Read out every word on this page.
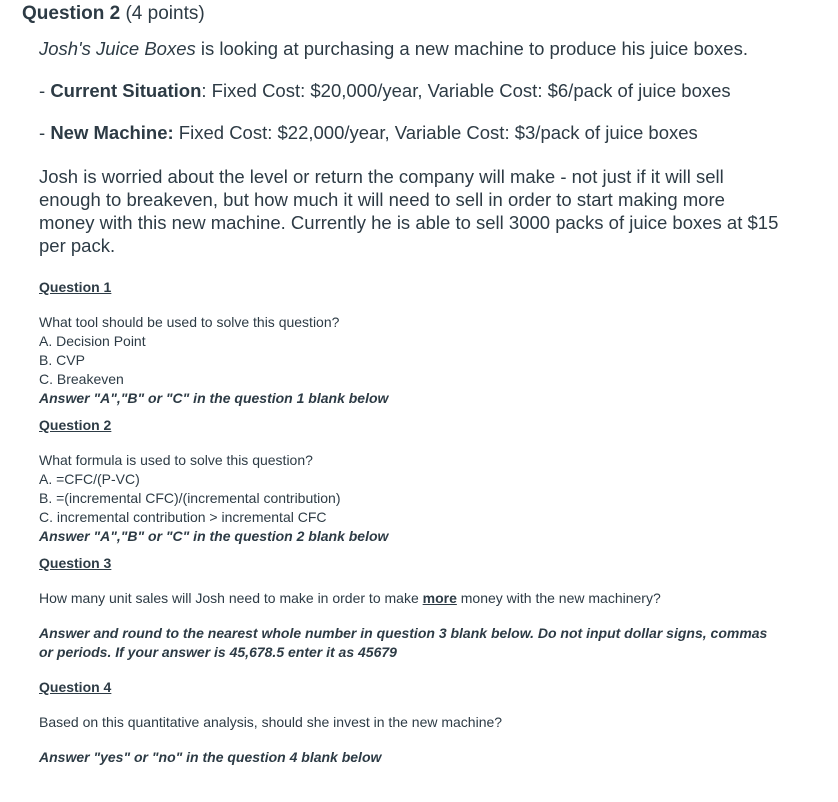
Question 2 (4 points)

Josh's Juice Boxes is looking at purchasing a new machine to produce his juice boxes.

- Current Situation: Fixed Cost: $20,000/year, Variable Cost: $6/pack of juice boxes

- New Machine: Fixed Cost: $22,000/year, Variable Cost: $3/pack of juice boxes

Josh is worried about the level or return the company will make - not just if it will sell enough to breakeven, but how much it will need to sell in order to start making more money with this new machine. Currently he is able to sell 3000 packs of juice boxes at $15 per pack.

Question 1

What tool should be used to solve this question?

A. Decision Point

B. CVP

C. Breakeven

Answer "A","B" or "C" in the question 1 blank below

Question 2

What formula is used to solve this question?

A. =CFC/(P-VC)

B. =(incremental CFC)/(incremental contribution)

C. incremental contribution > incremental CFC

Answer "A","B" or "C" in the question 2 blank below

Question 3

How many unit sales will Josh need to make in order to make more money with the new machinery?

Answer and round to the nearest whole number in question 3 blank below. Do not input dollar signs, commas or periods. If your answer is 45,678.5 enter it as 45679

Question 4

Based on this quantitative analysis, should she invest in the new machine?

Answer "yes" or "no" in the question 4 blank below
